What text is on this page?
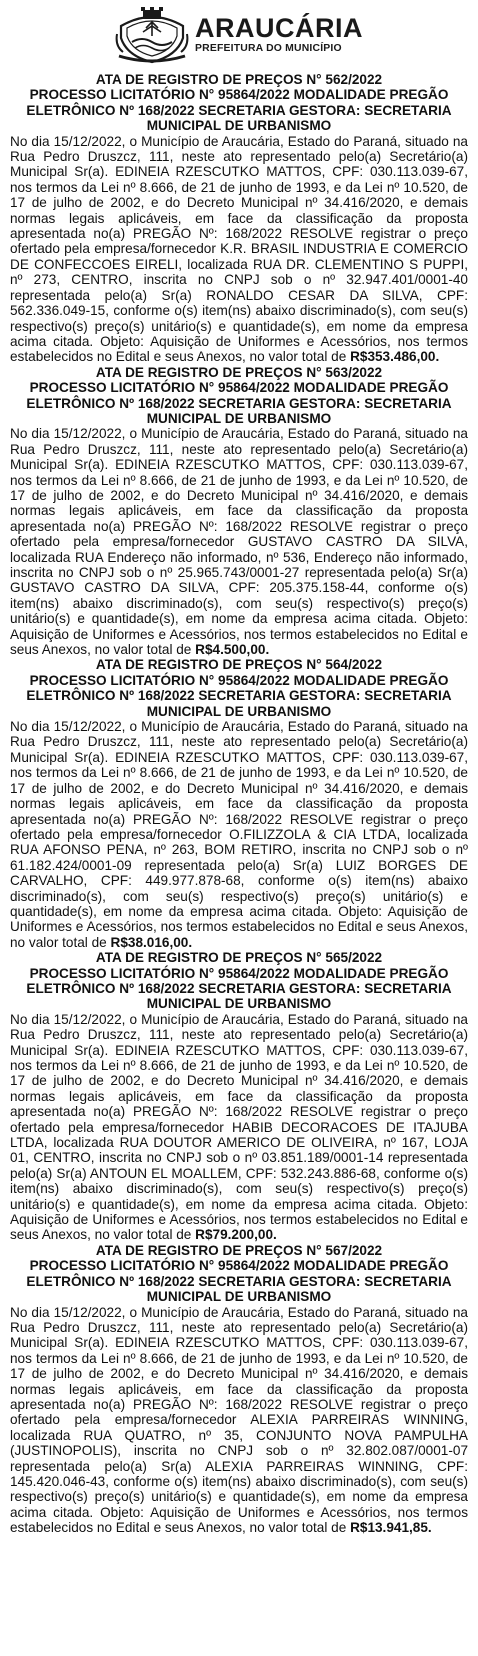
ARAUCÁRIA
PREFEITURA DO MUNICÍPIO
ATA DE REGISTRO DE PREÇOS N° 562/2022
PROCESSO LICITATÓRIO N° 95864/2022 MODALIDADE PREGÃO ELETRÔNICO Nº 168/2022 SECRETARIA GESTORA: SECRETARIA MUNICIPAL DE URBANISMO
No dia 15/12/2022, o Município de Araucária, Estado do Paraná, situado na Rua Pedro Druszcz, 111, neste ato representado pelo(a) Secretário(a) Municipal Sr(a). EDINEIA RZESCUTKO MATTOS, CPF: 030.113.039-67, nos termos da Lei nº 8.666, de 21 de junho de 1993, e da Lei nº 10.520, de 17 de julho de 2002, e do Decreto Municipal nº 34.416/2020, e demais normas legais aplicáveis, em face da classificação da proposta apresentada no(a) PREGÃO Nº: 168/2022 RESOLVE registrar o preço ofertado pela empresa/fornecedor K.R. BRASIL INDUSTRIA E COMERCIO DE CONFECCOES EIRELI, localizada RUA DR. CLEMENTINO S PUPPI, nº 273, CENTRO, inscrita no CNPJ sob o nº 32.947.401/0001-40 representada pelo(a) Sr(a) RONALDO CESAR DA SILVA, CPF: 562.336.049-15, conforme o(s) item(ns) abaixo discriminado(s), com seu(s) respectivo(s) preço(s) unitário(s) e quantidade(s), em nome da empresa acima citada. Objeto: Aquisição de Uniformes e Acessórios, nos termos estabelecidos no Edital e seus Anexos, no valor total de R$353.486,00.
ATA DE REGISTRO DE PREÇOS N° 563/2022
PROCESSO LICITATÓRIO N° 95864/2022 MODALIDADE PREGÃO ELETRÔNICO Nº 168/2022 SECRETARIA GESTORA: SECRETARIA MUNICIPAL DE URBANISMO
No dia 15/12/2022, o Município de Araucária, Estado do Paraná, situado na Rua Pedro Druszcz, 111, neste ato representado pelo(a) Secretário(a) Municipal Sr(a). EDINEIA RZESCUTKO MATTOS, CPF: 030.113.039-67, nos termos da Lei nº 8.666, de 21 de junho de 1993, e da Lei nº 10.520, de 17 de julho de 2002, e do Decreto Municipal nº 34.416/2020, e demais normas legais aplicáveis, em face da classificação da proposta apresentada no(a) PREGÃO Nº: 168/2022 RESOLVE registrar o preço ofertado pela empresa/fornecedor GUSTAVO CASTRO DA SILVA, localizada RUA Endereço não informado, nº 536, Endereço não informado, inscrita no CNPJ sob o nº 25.965.743/0001-27 representada pelo(a) Sr(a) GUSTAVO CASTRO DA SILVA, CPF: 205.375.158-44, conforme o(s) item(ns) abaixo discriminado(s), com seu(s) respectivo(s) preço(s) unitário(s) e quantidade(s), em nome da empresa acima citada. Objeto: Aquisição de Uniformes e Acessórios, nos termos estabelecidos no Edital e seus Anexos, no valor total de R$4.500,00.
ATA DE REGISTRO DE PREÇOS N° 564/2022
PROCESSO LICITATÓRIO N° 95864/2022 MODALIDADE PREGÃO ELETRÔNICO Nº 168/2022 SECRETARIA GESTORA: SECRETARIA MUNICIPAL DE URBANISMO
No dia 15/12/2022, o Município de Araucária, Estado do Paraná, situado na Rua Pedro Druszcz, 111, neste ato representado pelo(a) Secretário(a) Municipal Sr(a). EDINEIA RZESCUTKO MATTOS, CPF: 030.113.039-67, nos termos da Lei nº 8.666, de 21 de junho de 1993, e da Lei nº 10.520, de 17 de julho de 2002, e do Decreto Municipal nº 34.416/2020, e demais normas legais aplicáveis, em face da classificação da proposta apresentada no(a) PREGÃO Nº: 168/2022 RESOLVE registrar o preço ofertado pela empresa/fornecedor O.FILIZZOLA & CIA LTDA, localizada RUA AFONSO PENA, nº 263, BOM RETIRO, inscrita no CNPJ sob o nº 61.182.424/0001-09 representada pelo(a) Sr(a) LUIZ BORGES DE CARVALHO, CPF: 449.977.878-68, conforme o(s) item(ns) abaixo discriminado(s), com seu(s) respectivo(s) preço(s) unitário(s) e quantidade(s), em nome da empresa acima citada. Objeto: Aquisição de Uniformes e Acessórios, nos termos estabelecidos no Edital e seus Anexos, no valor total de R$38.016,00.
ATA DE REGISTRO DE PREÇOS N° 565/2022
PROCESSO LICITATÓRIO N° 95864/2022 MODALIDADE PREGÃO ELETRÔNICO Nº 168/2022 SECRETARIA GESTORA: SECRETARIA MUNICIPAL DE URBANISMO
No dia 15/12/2022, o Município de Araucária, Estado do Paraná, situado na Rua Pedro Druszcz, 111, neste ato representado pelo(a) Secretário(a) Municipal Sr(a). EDINEIA RZESCUTKO MATTOS, CPF: 030.113.039-67, nos termos da Lei nº 8.666, de 21 de junho de 1993, e da Lei nº 10.520, de 17 de julho de 2002, e do Decreto Municipal nº 34.416/2020, e demais normas legais aplicáveis, em face da classificação da proposta apresentada no(a) PREGÃO Nº: 168/2022 RESOLVE registrar o preço ofertado pela empresa/fornecedor HABIB DECORACOES DE ITAJUBA LTDA, localizada RUA DOUTOR AMERICO DE OLIVEIRA, nº 167, LOJA 01, CENTRO, inscrita no CNPJ sob o nº 03.851.189/0001-14 representada pelo(a) Sr(a) ANTOUN EL MOALLEM, CPF: 532.243.886-68, conforme o(s) item(ns) abaixo discriminado(s), com seu(s) respectivo(s) preço(s) unitário(s) e quantidade(s), em nome da empresa acima citada. Objeto: Aquisição de Uniformes e Acessórios, nos termos estabelecidos no Edital e seus Anexos, no valor total de R$79.200,00.
ATA DE REGISTRO DE PREÇOS N° 567/2022
PROCESSO LICITATÓRIO N° 95864/2022 MODALIDADE PREGÃO ELETRÔNICO Nº 168/2022 SECRETARIA GESTORA: SECRETARIA MUNICIPAL DE URBANISMO
No dia 15/12/2022, o Município de Araucária, Estado do Paraná, situado na Rua Pedro Druszcz, 111, neste ato representado pelo(a) Secretário(a) Municipal Sr(a). EDINEIA RZESCUTKO MATTOS, CPF: 030.113.039-67, nos termos da Lei nº 8.666, de 21 de junho de 1993, e da Lei nº 10.520, de 17 de julho de 2002, e do Decreto Municipal nº 34.416/2020, e demais normas legais aplicáveis, em face da classificação da proposta apresentada no(a) PREGÃO Nº: 168/2022 RESOLVE registrar o preço ofertado pela empresa/fornecedor ALEXIA PARREIRAS WINNING, localizada RUA QUATRO, nº 35, CONJUNTO NOVA PAMPULHA (JUSTINOPOLIS), inscrita no CNPJ sob o nº 32.802.087/0001-07 representada pelo(a) Sr(a) ALEXIA PARREIRAS WINNING, CPF: 145.420.046-43, conforme o(s) item(ns) abaixo discriminado(s), com seu(s) respectivo(s) preço(s) unitário(s) e quantidade(s), em nome da empresa acima citada. Objeto: Aquisição de Uniformes e Acessórios, nos termos estabelecidos no Edital e seus Anexos, no valor total de R$13.941,85.
